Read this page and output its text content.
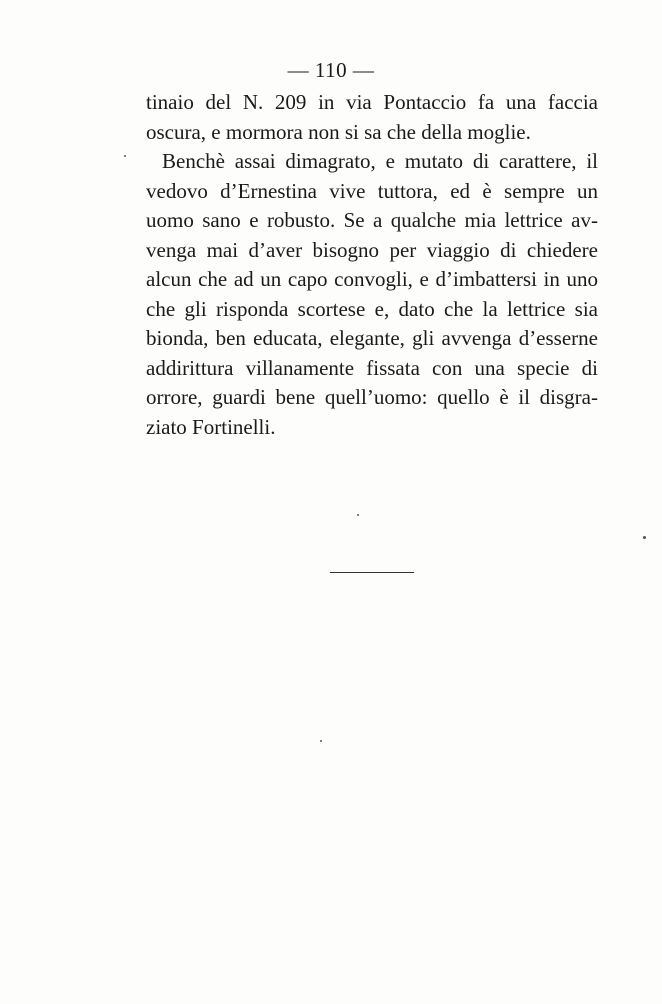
— 110 —
tinaio del N. 209 in via Pontaccio fa una faccia
oscura, e mormora non si sa che della moglie.
Benchè assai dimagrato, e mutato di carattere, il
vedovo d’Ernestina vive tuttora, ed è sempre un
uomo sano e robusto. Se a qualche mia lettrice av-
venga mai d’aver bisogno per viaggio di chiedere
alcun che ad un capo convogli, e d’imbattersi in uno
che gli risponda scortese e, dato che la lettrice sia
bionda, ben educata, elegante, gli avvenga d’esserne
addirittura villanamente fissata con una specie di
orrore, guardi bene quell’uomo: quello è il disgra-
ziato Fortinelli.
